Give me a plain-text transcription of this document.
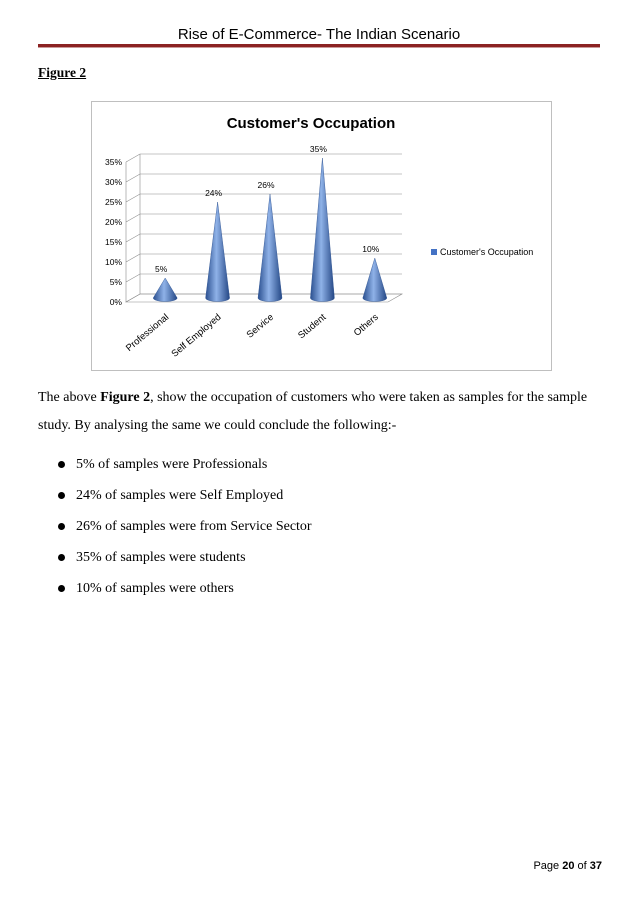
Rise of E-Commerce- The Indian Scenario
Figure 2
Customer's Occupation
0%
5%
10%
15%
20%
25%
30%
35%
5%
24%
26%
35%
10%
Professional
Self Employed Service Student Others
Customer's Occupation
The above Figure 2, show the occupation of customers who were taken as samples for the sample study. By analysing the same we could conclude the following:-
5% of samples were Professionals
24% of samples were Self Employed
26% of samples were from Service Sector
35% of samples were students
10% of samples were others
Page 20 of 37
